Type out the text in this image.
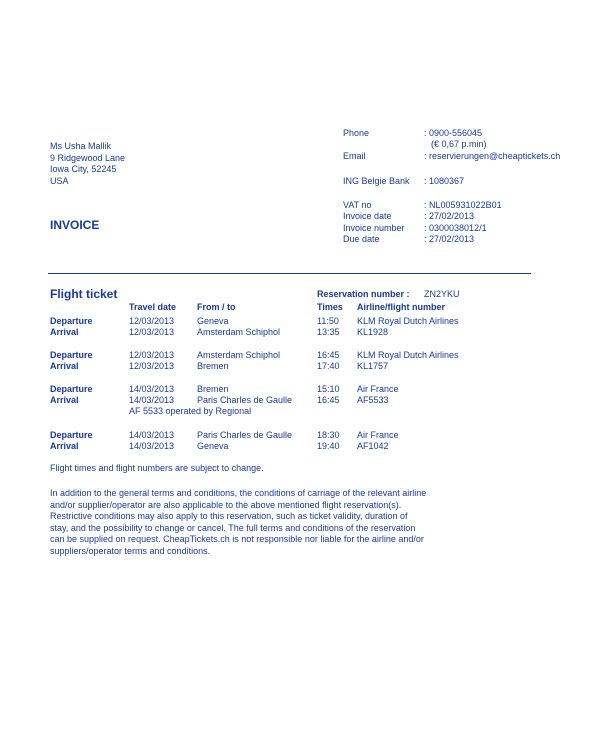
Ms Usha Mallik
9 Ridgewood Lane
Iowa City, 52245
USA
Phone	: 0900-556045
(€ 0,67 p.min)
Email	: reservierungen@cheaptickets.ch
ING Belgie Bank : 1080367
VAT no	: NL005931022B01
Invoice date	: 27/02/2013
Invoice number : 0300038012/1
Due date	: 27/02/2013
INVOICE
Flight ticket	Reservation number : ZN2YKU
Travel date From / to	Times Airline/flight number
Departure	12/03/2013	Geneva	11:50 KLM Royal Dutch Airlines
Arrival	12/03/2013	Amsterdam Schiphol	13:35 KL1928
Departure	12/03/2013	Amsterdam Schiphol	16:45 KLM Royal Dutch Airlines
Arrival	12/03/2013	Bremen	17:40 KL1757
Departure	14/03/2013	Bremen	15:10 Air France
Arrival	14/03/2013	Paris Charles de Gaulle	16:45 AF5533
AF 5533 operated by Regional
Departure	14/03/2013	Paris Charles de Gaulle	18:30 Air France
Arrival	14/03/2013	Geneva	19:40 AF1042
Flight times and flight numbers are subject to change.
In addition to the general terms and conditions, the conditions of carriage of the relevant airline
and/or supplier/operator are also applicable to the above mentioned flight reservation(s).
Restrictive conditions may also apply to this reservation, such as ticket validity, duration of
stay, and the possibility to change or cancel. The full terms and conditions of the reservation
can be supplied on request. CheapTickets.ch is not responsible nor liable for the airline and/or
suppliers/operator terms and conditions.
